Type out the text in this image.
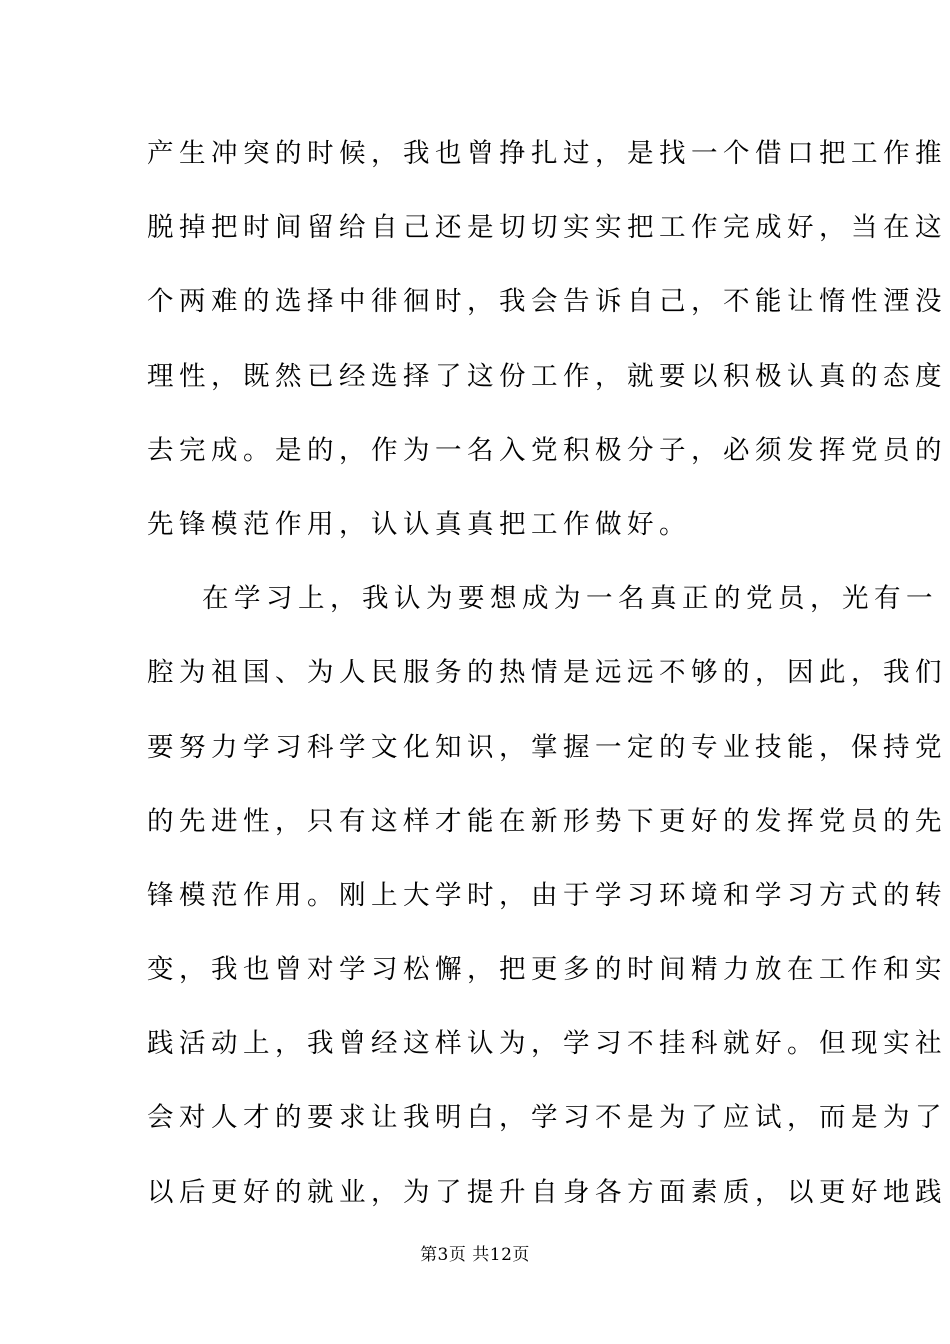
产生冲突的时候，我也曾挣扎过，是找一个借口把工作推
脱掉把时间留给自己还是切切实实把工作完成好，当在这
个两难的选择中徘徊时，我会告诉自己，不能让惰性湮没
理性，既然已经选择了这份工作，就要以积极认真的态度
去完成。是的，作为一名入党积极分子，必须发挥党员的
先锋模范作用，认认真真把工作做好。
在学习上，我认为要想成为一名真正的党员，光有一
腔为祖国、为人民服务的热情是远远不够的，因此，我们
要努力学习科学文化知识，掌握一定的专业技能，保持党
的先进性，只有这样才能在新形势下更好的发挥党员的先
锋模范作用。刚上大学时，由于学习环境和学习方式的转
变，我也曾对学习松懈，把更多的时间精力放在工作和实
践活动上，我曾经这样认为，学习不挂科就好。但现实社
会对人才的要求让我明白，学习不是为了应试，而是为了
以后更好的就业，为了提升自身各方面素质，以更好地践
第3页 共12页
